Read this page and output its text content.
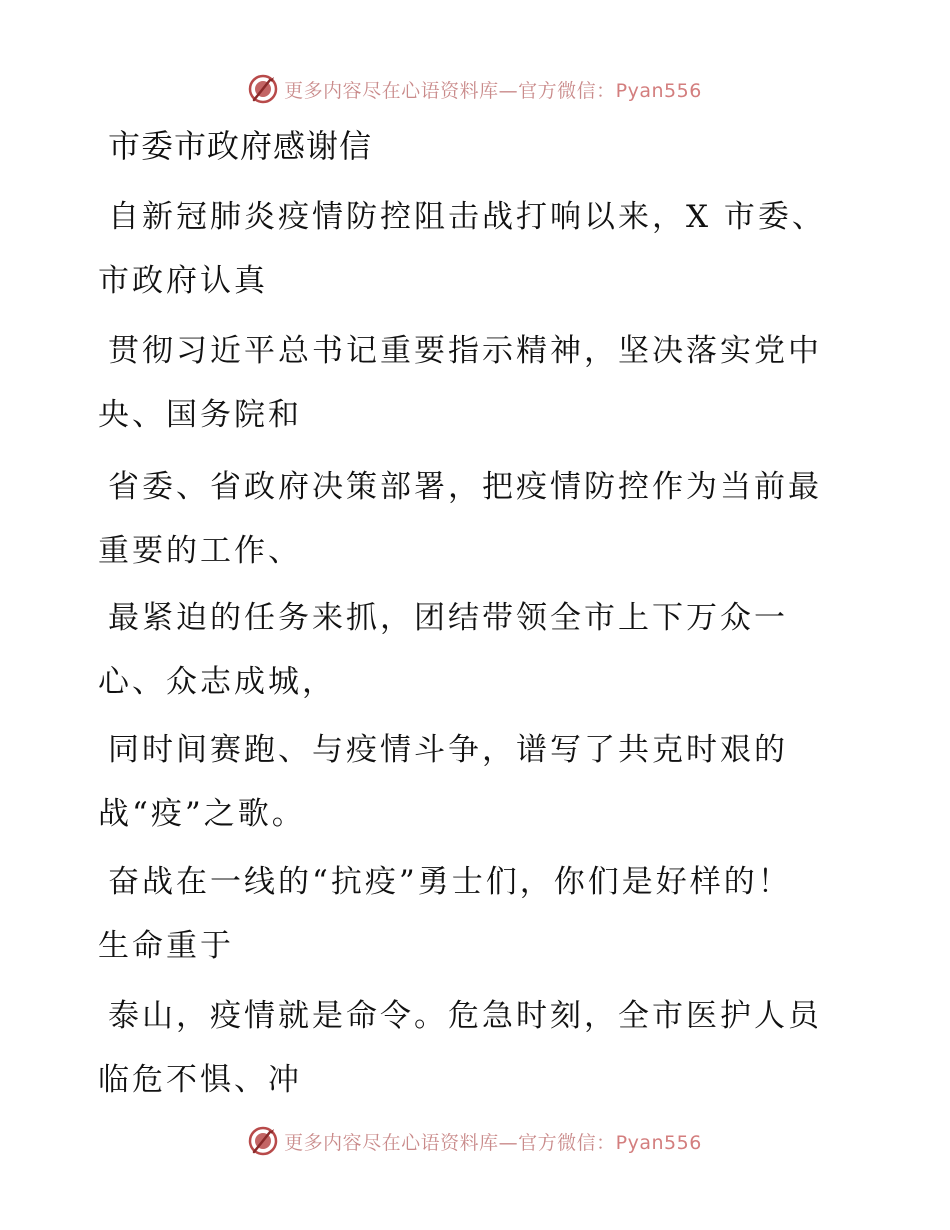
更多内容尽在心语资料库—官方微信：Pyan556
市委市政府感谢信
自新冠肺炎疫情防控阻击战打响以来，X 市委、
市政府认真
贯彻习近平总书记重要指示精神，坚决落实党中
央、国务院和
省委、省政府决策部署，把疫情防控作为当前最
重要的工作、
最紧迫的任务来抓，团结带领全市上下万众一
心、众志成城，
同时间赛跑、与疫情斗争，谱写了共克时艰的
战“疫”之歌。
奋战在一线的“抗疫”勇士们，你们是好样的！
生命重于
泰山，疫情就是命令。危急时刻，全市医护人员
临危不惧、冲
更多内容尽在心语资料库—官方微信：Pyan556
